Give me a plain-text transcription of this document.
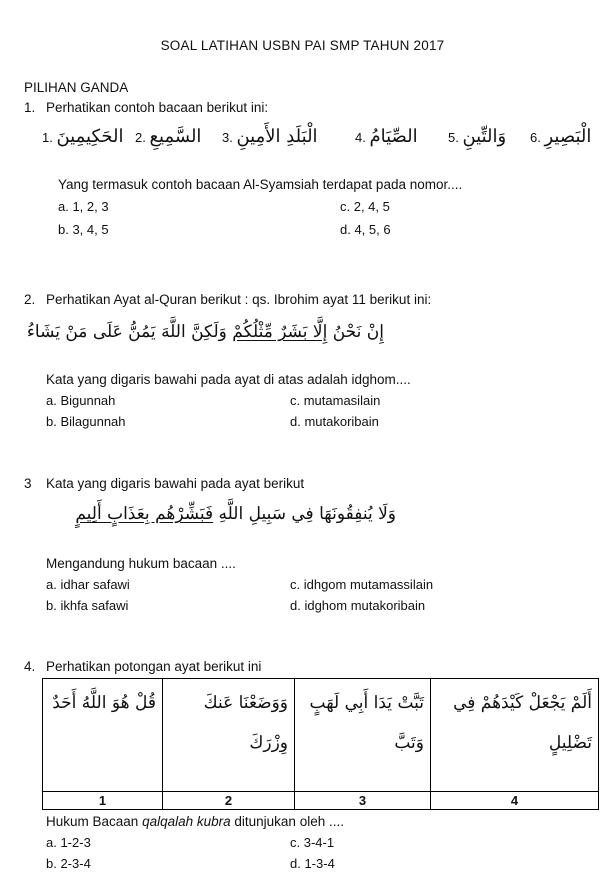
SOAL LATIHAN USBN PAI SMP TAHUN 2017
PILIHAN GANDA
1. Perhatikan contoh bacaan berikut ini:
1. الحَكِيمِينَ 2. السَّمِيعِ 3. الْبَلَدِ الأَمِينِ	4. الصِّيَامُ 5. وَالتِّينِ 6. الْبَصِيرِ
Yang termasuk contoh bacaan Al-Syamsiah terdapat pada nomor....
a. 1, 2, 3	c. 2, 4, 5
b. 3, 4, 5	d. 4, 5, 6
2. Perhatikan Ayat al-Quran berikut : qs. Ibrohim ayat 11 berikut ini:
إِنْ نَحْنُ إِلَّا بَشَرٌ مِّثْلُكُمْ وَلَكِنَّ اللَّهَ يَمُنُّ عَلَى مَنْ يَشَاءُ
Kata yang digaris bawahi pada ayat di atas adalah idghom....
a. Bigunnah	c. mutamasilain
b. Bilagunnah	d. mutakoribain
3 Kata yang digaris bawahi pada ayat berikut
وَلَا يُنفِقُونَهَا فِي سَبِيلِ اللَّهِ فَبَشِّرْهُم بِعَذَابٍ أَلِيمٍ
Mengandung hukum bacaan ....
a. idhar safawi	c. idhgom mutamassilain
b. ikhfa safawi	d. idghom mutakoribain
4. Perhatikan potongan ayat berikut ini
قُلْ هُوَ اللَّهُ أَحَدٌ	وَوَضَعْنَا عَنكَ وِزْرَكَ	تَبَّتْ يَدَا أَبِي لَهَبٍ وَتَبَّ	أَلَمْ يَجْعَلْ كَيْدَهُمْ فِي تَضْلِيلٍ
1	2	3	4
Hukum Bacaan qalqalah kubra ditunjukan oleh ....
a. 1-2-3	c. 3-4-1
b. 2-3-4	d. 1-3-4
